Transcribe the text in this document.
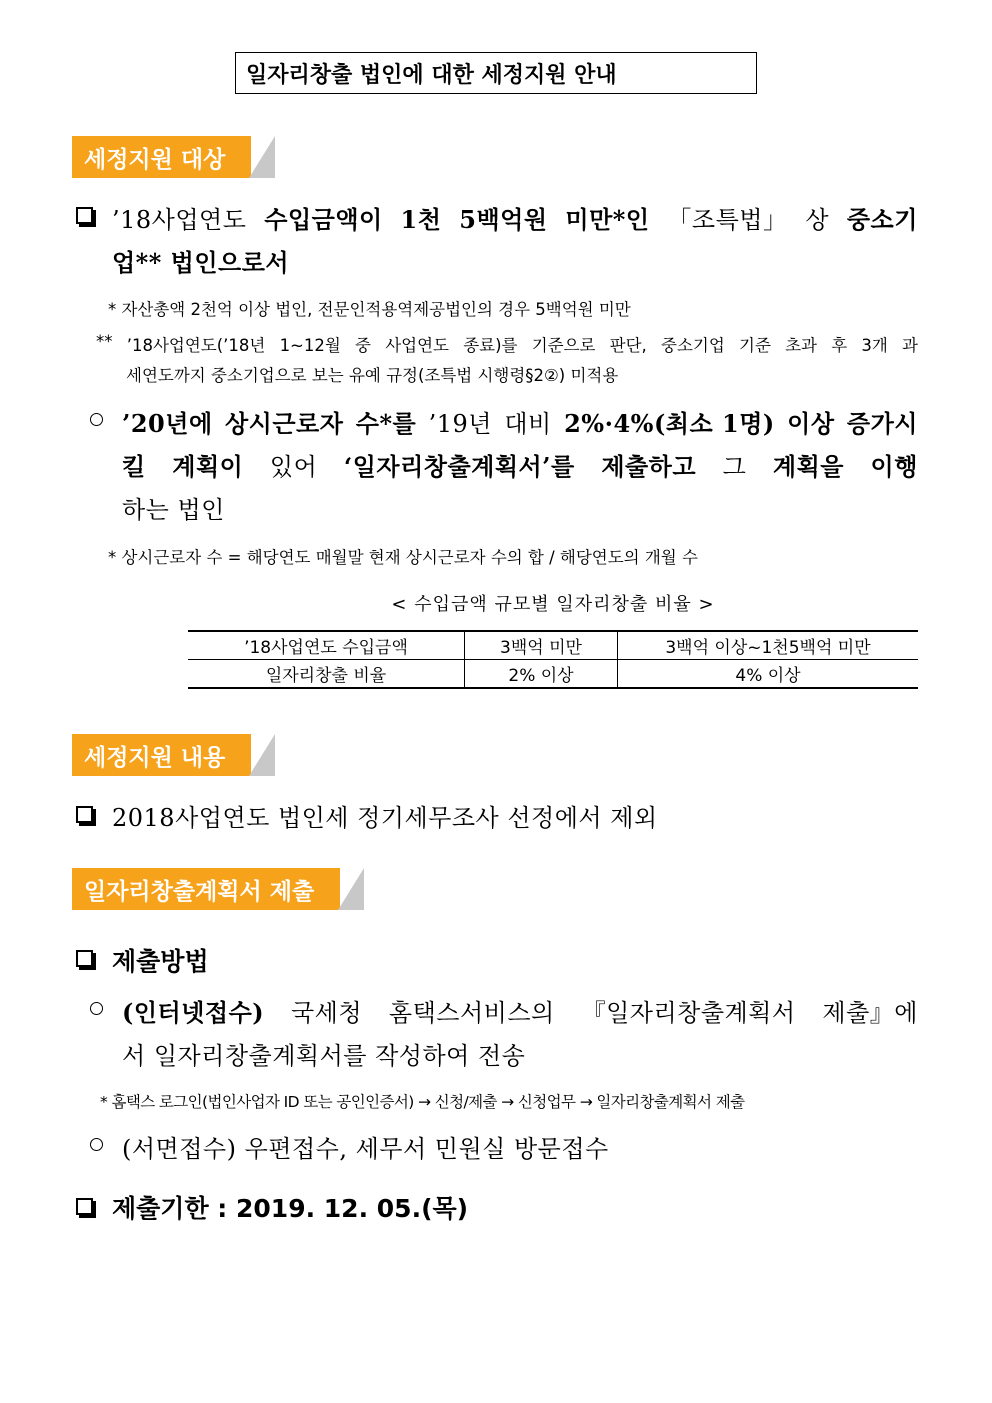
일자리창출 법인에 대한 세정지원 안내
세정지원 대상
’18사업연도 수입금액이 1천 5백억원 미만*인 「조특법」 상 중소기
업** 법인으로서
* 자산총액 2천억 이상 법인, 전문인적용역제공법인의 경우 5백억원 미만
** ’18사업연도(’18년 1~12월 중 사업연도 종료)를 기준으로 판단, 중소기업 기준 초과 후 3개 과
세연도까지 중소기업으로 보는 유예 규정(조특법 시행령§2②) 미적용
’20년에 상시근로자 수*를 ’19년 대비 2%·4%(최소 1명) 이상 증가시
킬 계획이 있어 ‘일자리창출계획서’를 제출하고 그 계획을 이행
하는 법인
* 상시근로자 수 = 해당연도 매월말 현재 상시근로자 수의 합 / 해당연도의 개월 수
< 수입금액 규모별 일자리창출 비율 >
’18사업연도 수입금액	3백억 미만	3백억 이상~1천5백억 미만
일자리창출 비율	2% 이상	4% 이상
세정지원 내용
2018사업연도 법인세 정기세무조사 선정에서 제외
일자리창출계획서 제출
제출방법
(인터넷접수) 국세청 홈택스서비스의 『일자리창출계획서 제출』에
서 일자리창출계획서를 작성하여 전송
* 홈택스 로그인(법인사업자 ID 또는 공인인증서) → 신청/제출 → 신청업무 → 일자리창출계획서 제출
(서면접수) 우편접수, 세무서 민원실 방문접수
제출기한 : 2019. 12. 05.(목)
